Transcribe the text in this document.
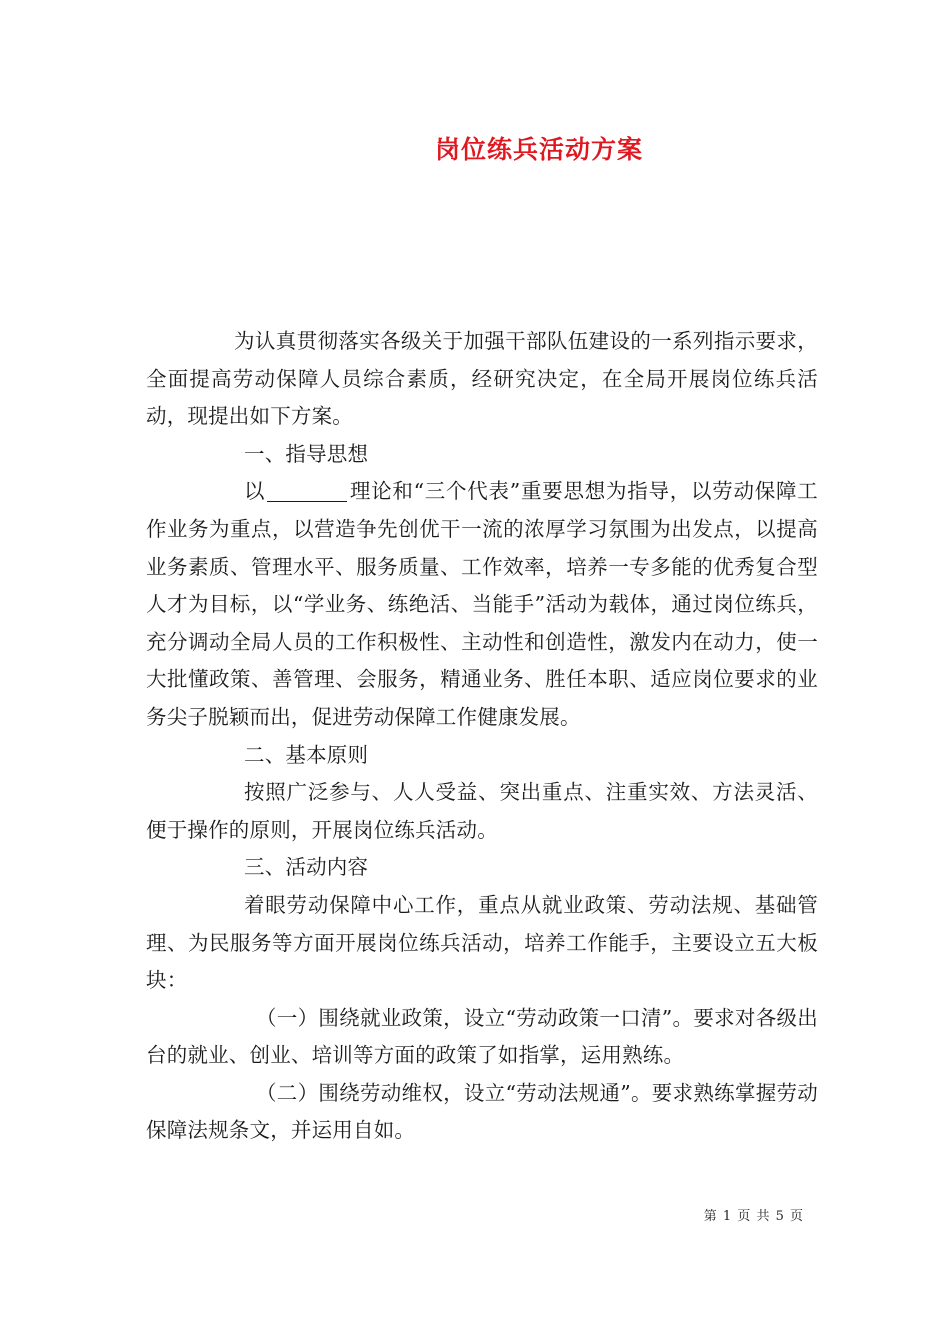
岗位练兵活动方案

为认真贯彻落实各级关于加强干部队伍建设的一系列指示要求，全面提高劳动保障人员综合素质，经研究决定，在全局开展岗位练兵活动，现提出如下方案。

一、指导思想

以	理论和“三个代表”重要思想为指导，以劳动保障工作业务为重点，以营造争先创优干一流的浓厚学习氛围为出发点，以提高业务素质、管理水平、服务质量、工作效率，培养一专多能的优秀复合型人才为目标，以“学业务、练绝活、当能手”活动为载体，通过岗位练兵，充分调动全局人员的工作积极性、主动性和创造性，激发内在动力，使一大批懂政策、善管理、会服务，精通业务、胜任本职、适应岗位要求的业务尖子脱颖而出，促进劳动保障工作健康发展。

二、基本原则

按照广泛参与、人人受益、突出重点、注重实效、方法灵活、便于操作的原则，开展岗位练兵活动。

三、活动内容

着眼劳动保障中心工作，重点从就业政策、劳动法规、基础管理、为民服务等方面开展岗位练兵活动，培养工作能手，主要设立五大板块：

（一）围绕就业政策，设立“劳动政策一口清”。要求对各级出台的就业、创业、培训等方面的政策了如指掌，运用熟练。

（二）围绕劳动维权，设立“劳动法规通”。要求熟练掌握劳动保障法规条文，并运用自如。

第 1 页 共 5 页
